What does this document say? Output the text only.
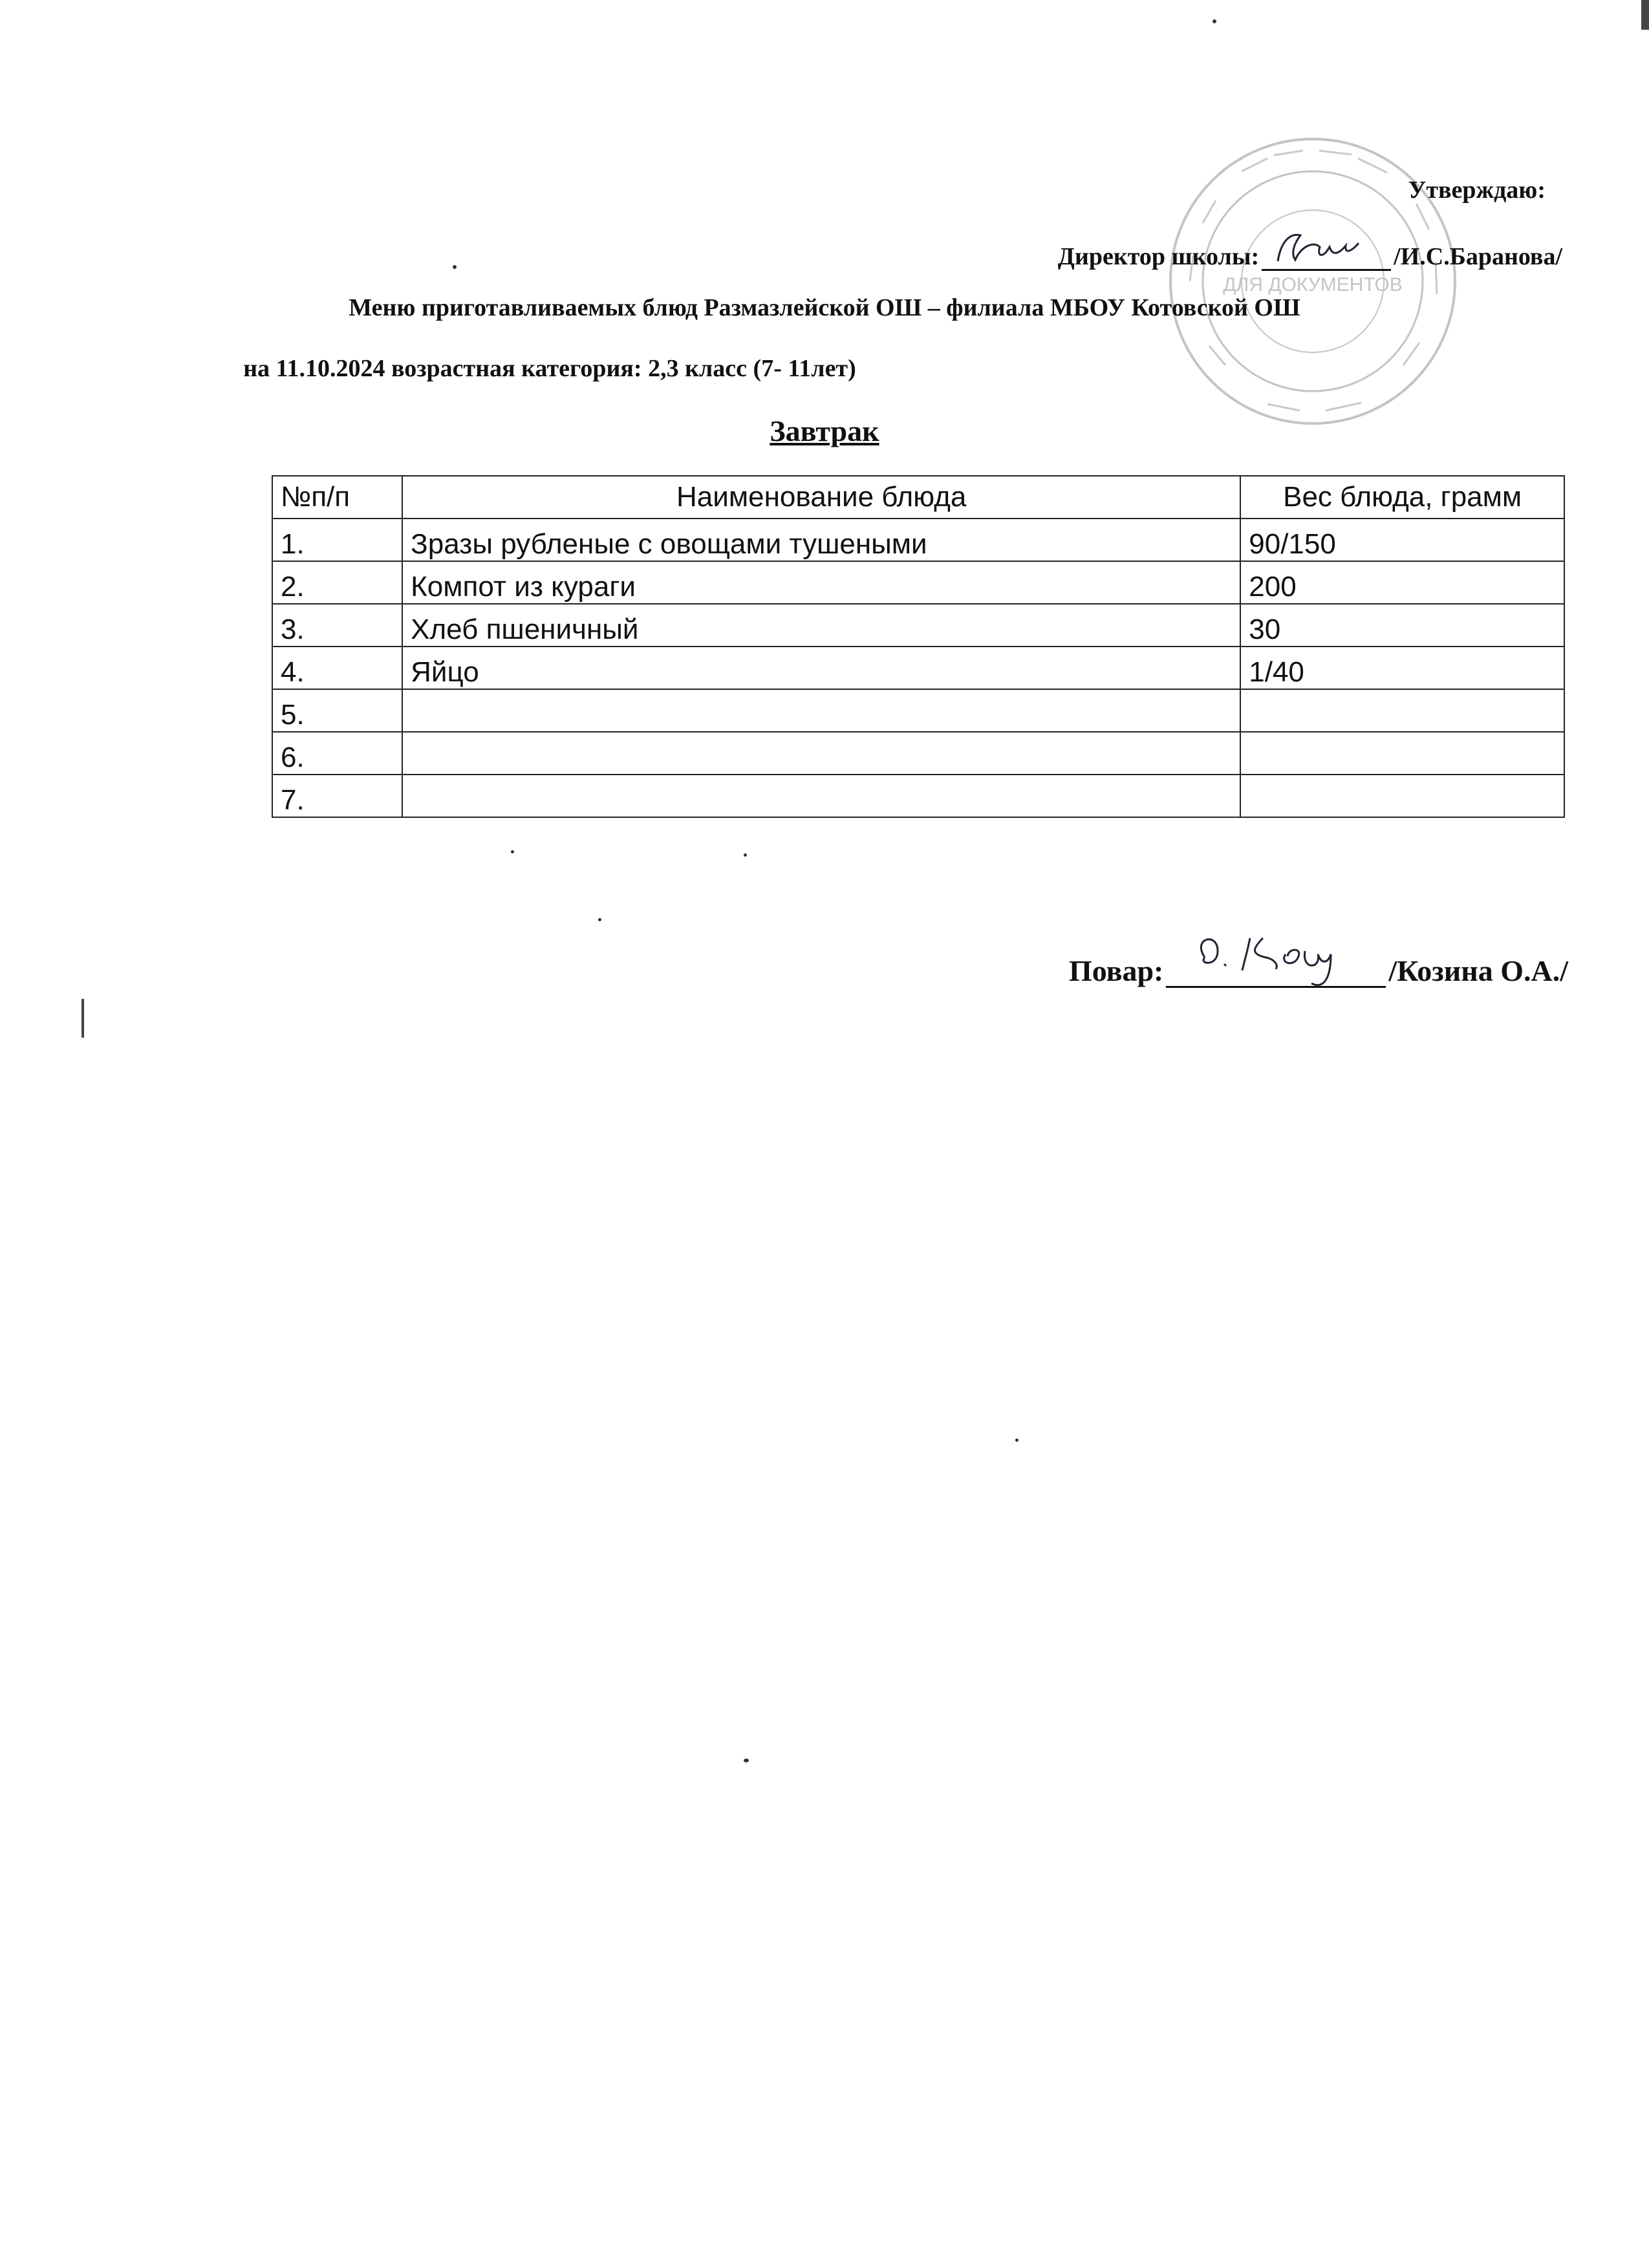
ДЛЯ ДОКУМЕНТОВ
Утверждаю:
Директор школы:	/И.С.Баранова/
Меню приготавливаемых блюд Размазлейской ОШ – филиала МБОУ Котовской ОШ
на 11.10.2024 возрастная категория: 2,3 класс (7- 11лет)
Завтрак
№п/п	Наименование блюда	Вес блюда, грамм
1.	Зразы рубленые с овощами тушеными	90/150
2.	Компот из кураги	200
3.	Хлеб пшеничный	30
4.	Яйцо	1/40
5.		
6.		
7.		
Повар:	/Козина О.А./
